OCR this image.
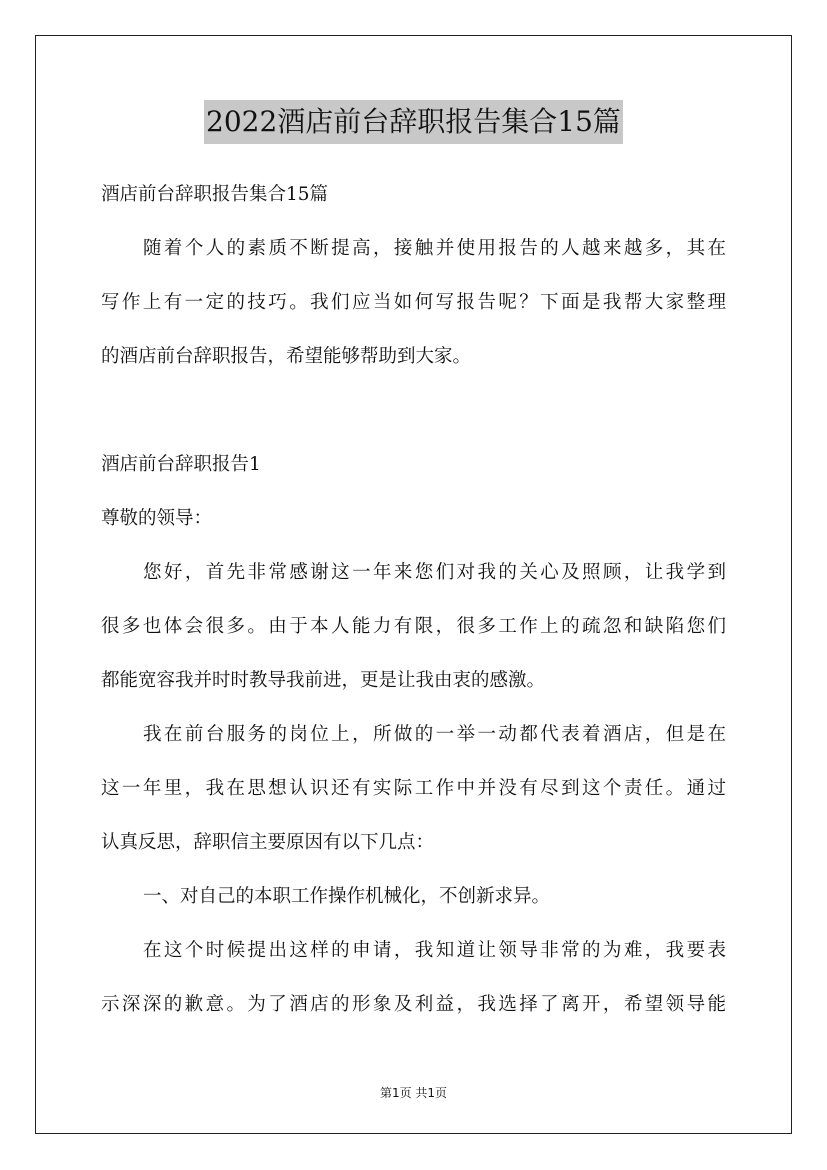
2022酒店前台辞职报告集合15篇
酒店前台辞职报告集合15篇
随着个人的素质不断提高，接触并使用报告的人越来越多，其在
写作上有一定的技巧。我们应当如何写报告呢？下面是我帮大家整理
的酒店前台辞职报告，希望能够帮助到大家。
酒店前台辞职报告1
尊敬的领导：
您好，首先非常感谢这一年来您们对我的关心及照顾，让我学到
很多也体会很多。由于本人能力有限，很多工作上的疏忽和缺陷您们
都能宽容我并时时教导我前进，更是让我由衷的感激。
我在前台服务的岗位上，所做的一举一动都代表着酒店，但是在
这一年里，我在思想认识还有实际工作中并没有尽到这个责任。通过
认真反思，辞职信主要原因有以下几点：
一、对自己的本职工作操作机械化，不创新求异。
在这个时候提出这样的申请，我知道让领导非常的为难，我要表
示深深的歉意。为了酒店的形象及利益，我选择了离开，希望领导能
第1页 共1页
